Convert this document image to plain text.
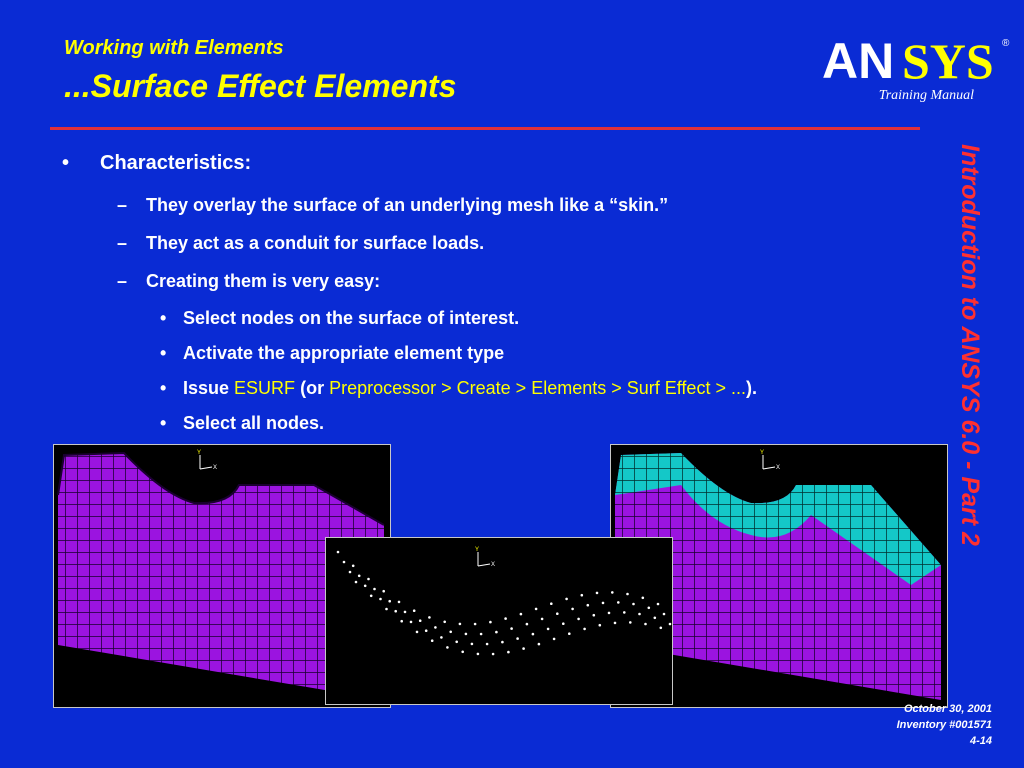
Working with Elements
...Surface Effect Elements	AN SYS ®
Training Manual
Introduction to ANSYS 6.0 - Part 2
• Characteristics:
– They overlay the surface of an underlying mesh like a “skin.”
– They act as a conduit for surface loads.
– Creating them is very easy:
• Select nodes on the surface of interest.
• Activate the appropriate element type
• Issue ESURF (or Preprocessor > Create > Elements > Surf Effect > ...).
• Select all nodes.
Y
X
Y
X
Y
X
October 30, 2001
Inventory #001571
4-14
